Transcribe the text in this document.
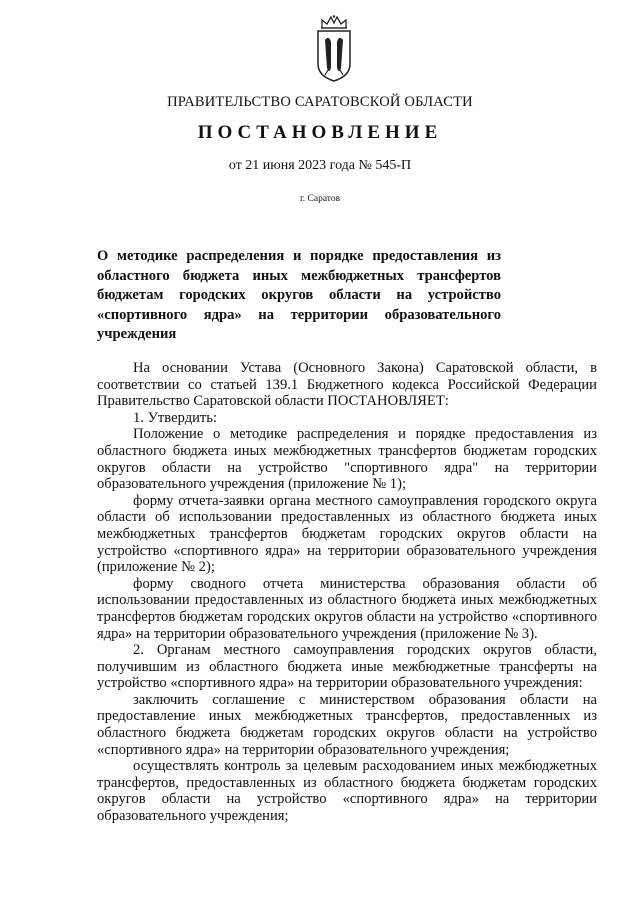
ПРАВИТЕЛЬСТВО САРАТОВСКОЙ ОБЛАСТИ
ПОСТАНОВЛЕНИЕ
от 21 июня 2023 года № 545-П
г. Саратов
О методике распределения и порядке предоставления из областного бюджета иных межбюджетных трансфертов бюджетам городских округов области на устройство «спортивного ядра» на территории образовательного учреждения

На основании Устава (Основного Закона) Саратовской области, в соответствии со статьей 139.1 Бюджетного кодекса Российской Федерации Правительство Саратовской области ПОСТАНОВЛЯЕТ:

1. Утвердить:

Положение о методике распределения и порядке предоставления из областного бюджета иных межбюджетных трансфертов бюджетам городских округов области на устройство "спортивного ядра" на территории образовательного учреждения (приложение № 1);

форму отчета-заявки органа местного самоуправления городского округа области об использовании предоставленных из областного бюджета иных межбюджетных трансфертов бюджетам городских округов области на устройство «спортивного ядра» на территории образовательного учреждения (приложение № 2);

форму сводного отчета министерства образования области об использовании предоставленных из областного бюджета иных межбюджетных трансфертов бюджетам городских округов области на устройство «спортивного ядра» на территории образовательного учреждения (приложение № 3).

2. Органам местного самоуправления городских округов области, получившим из областного бюджета иные межбюджетные трансферты на устройство «спортивного ядра» на территории образовательного учреждения:

заключить соглашение с министерством образования области на предоставление иных межбюджетных трансфертов, предоставленных из областного бюджета бюджетам городских округов области на устройство «спортивного ядра» на территории образовательного учреждения;

осуществлять контроль за целевым расходованием иных межбюджетных трансфертов, предоставленных из областного бюджета бюджетам городских округов области на устройство «спортивного ядра» на территории образовательного учреждения;
